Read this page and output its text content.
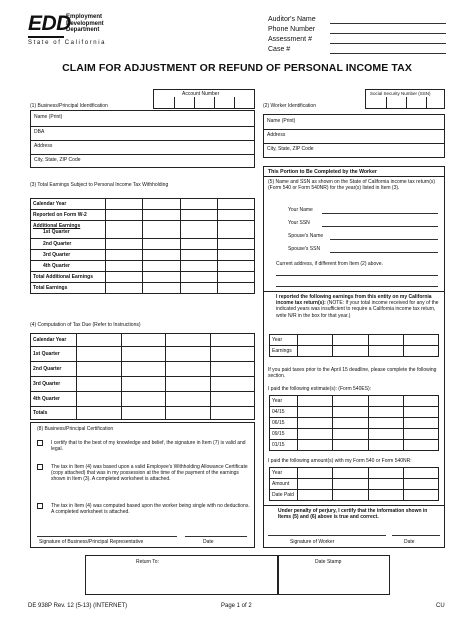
EDD
Employment
Development
Department
State of California
Auditor's Name
Phone Number
Assessment #
Case #
CLAIM FOR ADJUSTMENT OR REFUND OF PERSONAL INCOME TAX
Account Number
(1) Business/Principal Identification
Name (Print)
DBA
Address
City, State, ZIP Code
(3) Total Earnings Subject to Personal Income Tax Withholding
Calendar Year				
Reported on Form W-2				
Additional Earnings
1st Quarter				
2nd Quarter				
3rd Quarter				
4th Quarter				
Total Additional Earnings				
Total Earnings				
(4) Computation of Tax Due (Refer to Instructions)
Calendar Year				
1st Quarter				
2nd Quarter				
3rd Quarter				
4th Quarter				
Totals				
(8) Business/Principal Certification
I certify that to the best of my knowledge and belief, the signature in Item (7) is valid and legal.
The tax in Item (4) was based upon a valid Employee's Withholding Allowance Certificate (copy attached) that was in my possession at the time of the payment of the earnings shown in Item (3). A completed worksheet is attached.
The tax in Item (4) was computed based upon the worker being single with no deductions. A completed worksheet is attached.
Signature of Business/Principal Representative	Date
Social Security Number (SSN)
(2) Worker Identification
Name (Print)
Address
City, State, ZIP Code
This Portion to Be Completed by the Worker
(5) Name and SSN as shown on the State of California income tax return(s) (Form 540 or Form 540NR) for the year(s) listed in Item (3).
Your Name
Your SSN
Spouse's Name
Spouse's SSN
Current address, if different from Item (2) above.
I reported the following earnings from this entity on my California income tax return(s): (NOTE: If your total income received for any of the indicated years was insufficient to require a California income tax return, write N/R in the box for that year.)
Year				
Earnings				
If you paid taxes prior to the April 15 deadline, please complete the following section.
I paid the following estimate(s): (Form 540ES):
Year				
04/15				
06/15				
09/15				
01/15				
I paid the following amount(s) with my Form 540 or Form 540NR:
Year				
Amount				
Date Paid				
Under penalty of perjury, I certify that the information shown in Items (5) and (6) above is true and correct.
Signature of Worker	Date
Return To:	Date Stamp
DE 938P Rev. 12 (5-13) (INTERNET)	Page 1 of 2	CU
